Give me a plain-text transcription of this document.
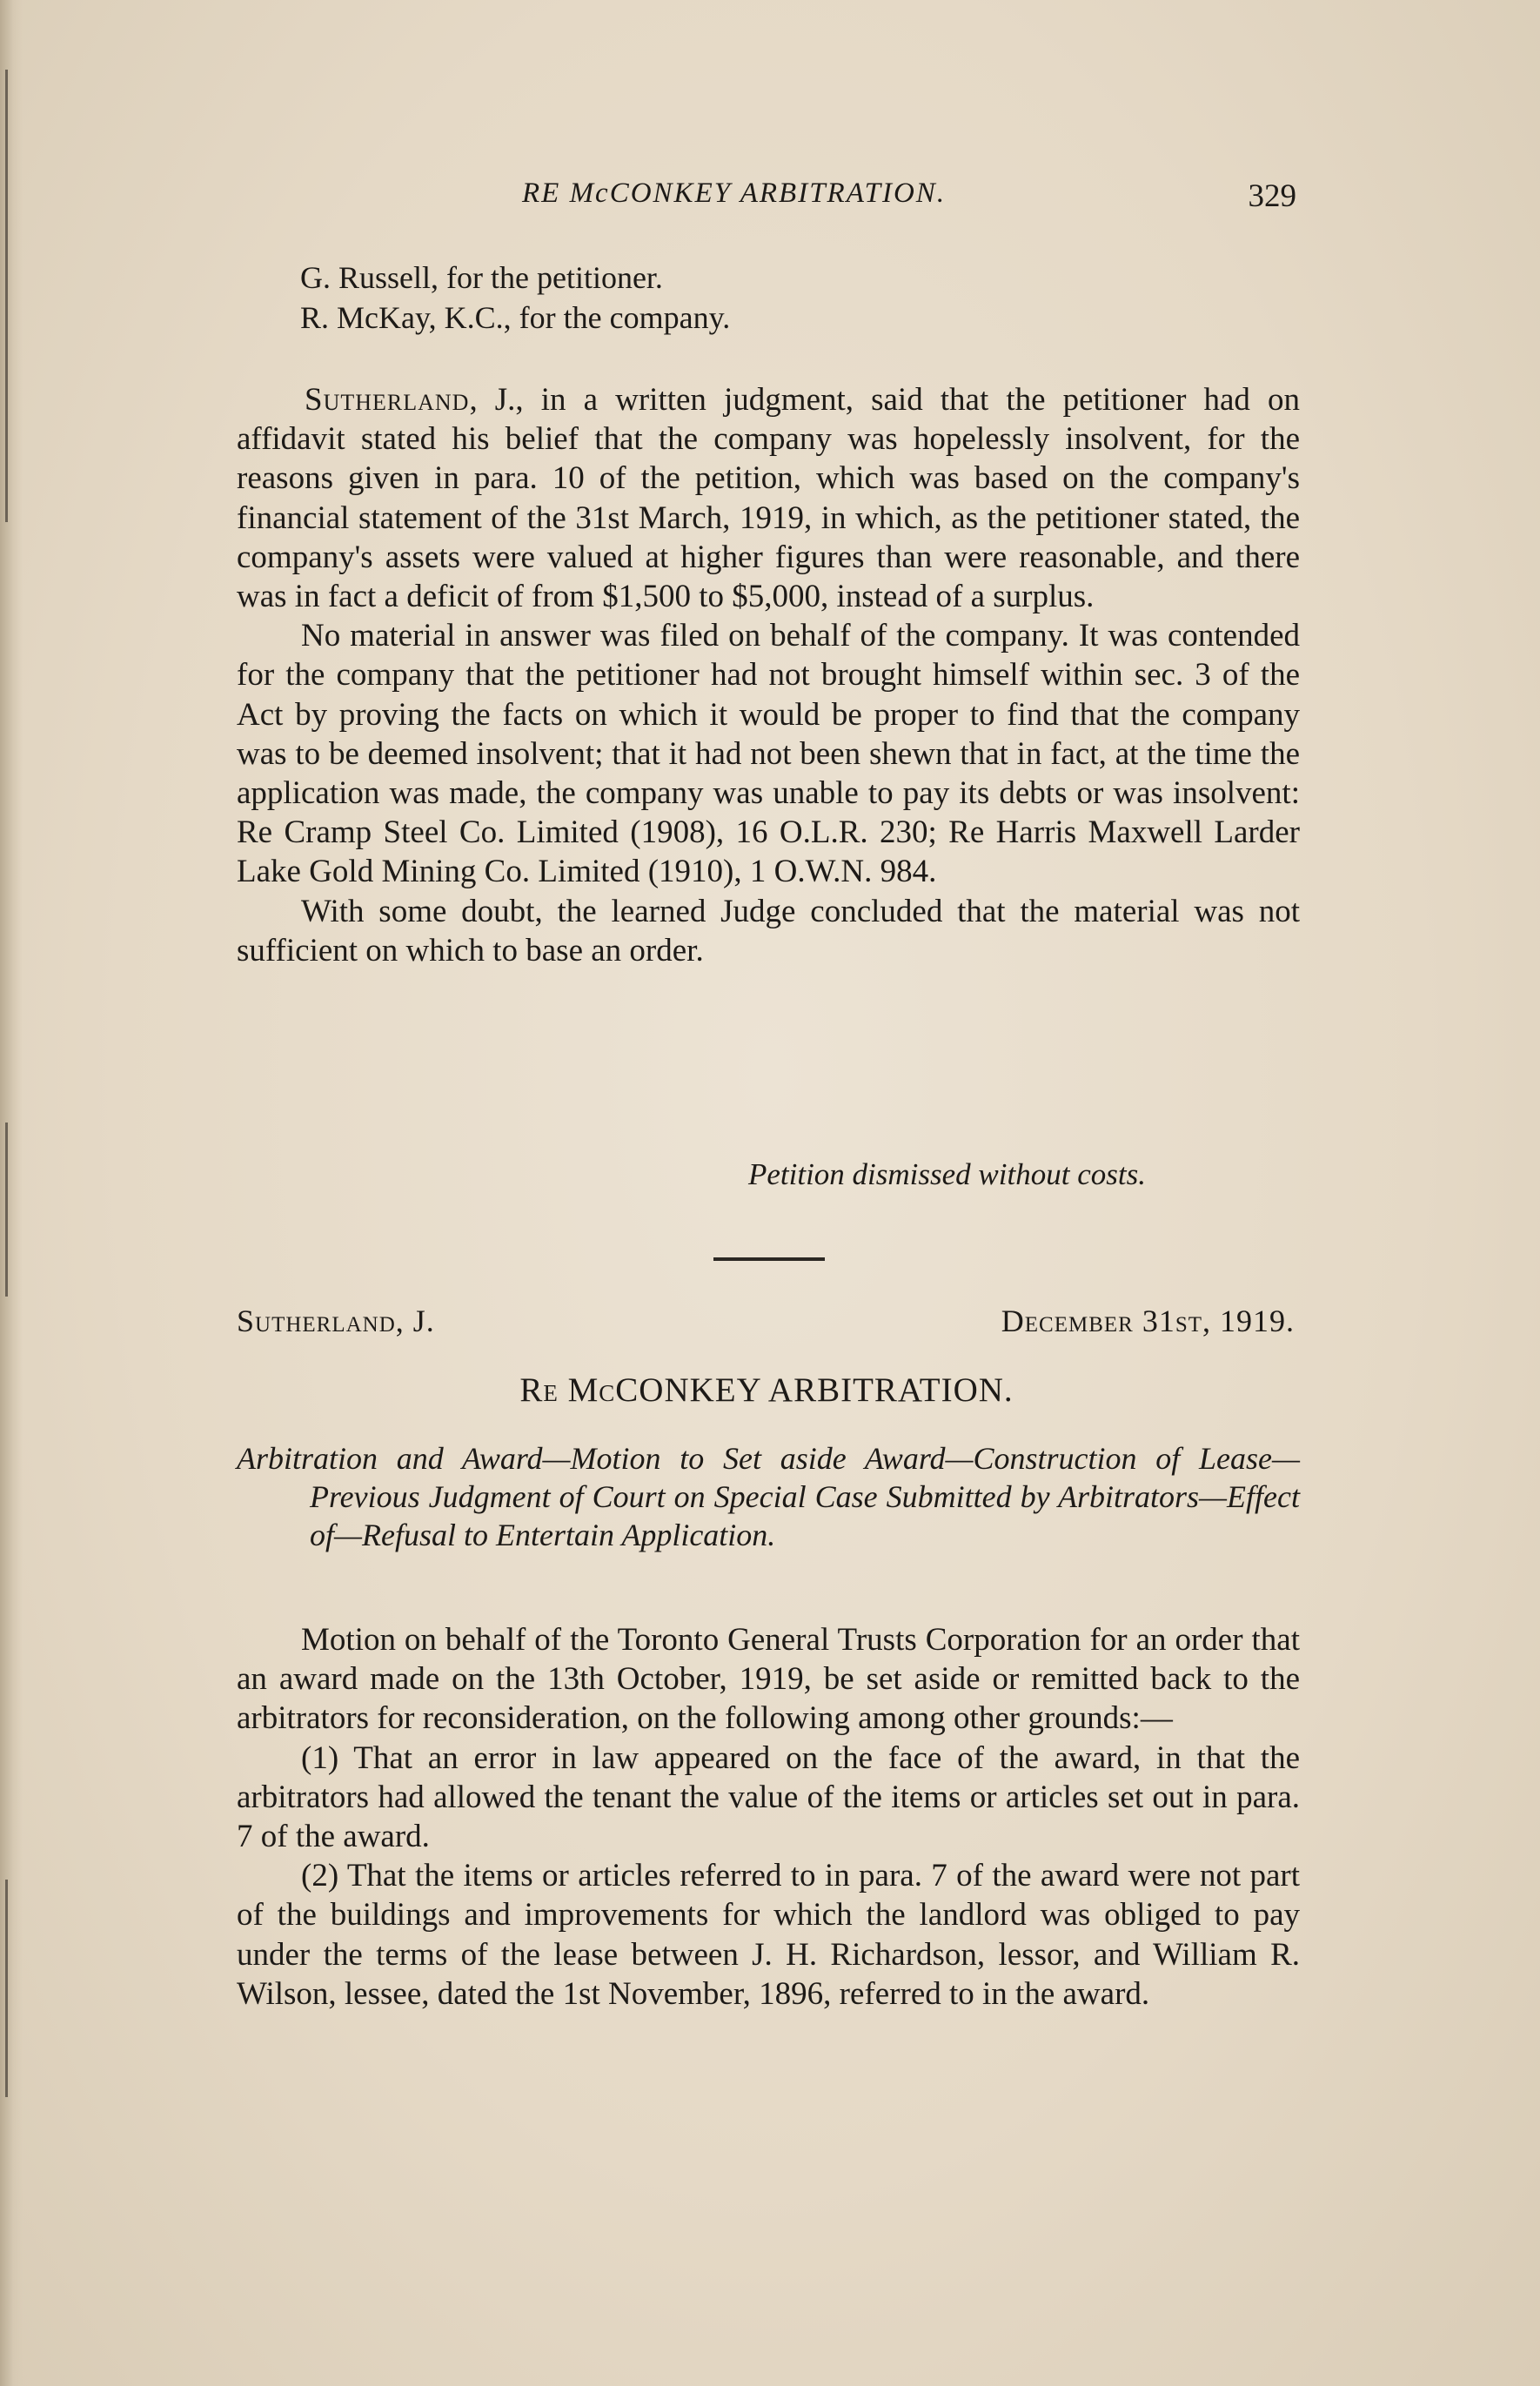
RE McCONKEY ARBITRATION.	329
G. Russell, for the petitioner.
R. McKay, K.C., for the company.

Sutherland, J., in a written judgment, said that the petitioner had on affidavit stated his belief that the company was hopelessly insolvent, for the reasons given in para. 10 of the petition, which was based on the company's financial statement of the 31st March, 1919, in which, as the petitioner stated, the company's assets were valued at higher figures than were reasonable, and there was in fact a deficit of from $1,500 to $5,000, instead of a surplus.

No material in answer was filed on behalf of the company. It was contended for the company that the petitioner had not brought himself within sec. 3 of the Act by proving the facts on which it would be proper to find that the company was to be deemed insolvent; that it had not been shewn that in fact, at the time the application was made, the company was unable to pay its debts or was insolvent: Re Cramp Steel Co. Limited (1908), 16 O.L.R. 230; Re Harris Maxwell Larder Lake Gold Mining Co. Limited (1910), 1 O.W.N. 984.

With some doubt, the learned Judge concluded that the material was not sufficient on which to base an order.

Petition dismissed without costs.
Sutherland, J.	December 31st, 1919.
Re McCONKEY ARBITRATION.
Arbitration and Award—Motion to Set aside Award—Construction of Lease—Previous Judgment of Court on Special Case Submitted by Arbitrators—Effect of—Refusal to Entertain Application.

Motion on behalf of the Toronto General Trusts Corporation for an order that an award made on the 13th October, 1919, be set aside or remitted back to the arbitrators for reconsideration, on the following among other grounds:—

(1) That an error in law appeared on the face of the award, in that the arbitrators had allowed the tenant the value of the items or articles set out in para. 7 of the award.

(2) That the items or articles referred to in para. 7 of the award were not part of the buildings and improvements for which the landlord was obliged to pay under the terms of the lease between J. H. Richardson, lessor, and William R. Wilson, lessee, dated the 1st November, 1896, referred to in the award.
